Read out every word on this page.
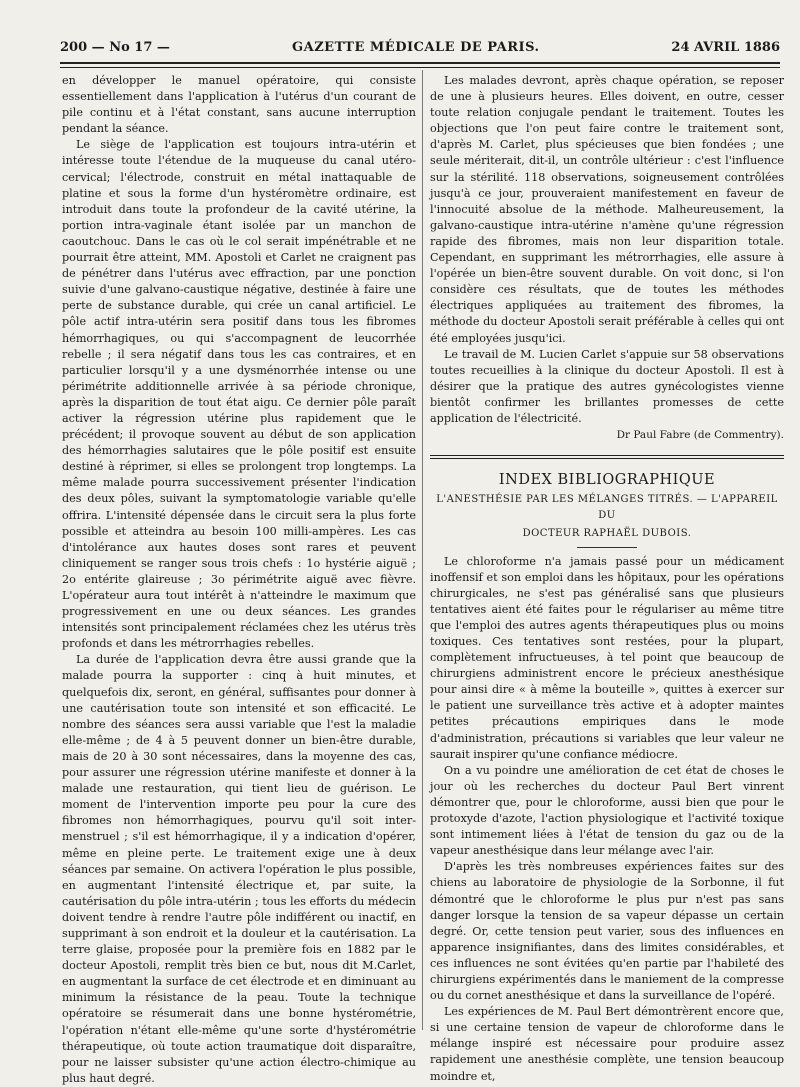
200 — No 17 —	GAZETTE MÉDICALE DE PARIS.	24 AVRIL 1886

en développer le manuel opératoire, qui consiste essentiellement dans l'application à l'utérus d'un courant de pile continu et à l'état constant, sans aucune interruption pendant la séance.

Le siège de l'application est toujours intra-utérin et intéresse toute l'étendue de la muqueuse du canal utéro-cervical; l'électrode, construit en métal inattaquable de platine et sous la forme d'un hystéromètre ordinaire, est introduit dans toute la profondeur de la cavité utérine, la portion intra-vaginale étant isolée par un manchon de caoutchouc. Dans le cas où le col serait impénétrable et ne pourrait être atteint, MM. Apostoli et Carlet ne craignent pas de pénétrer dans l'utérus avec effraction, par une ponction suivie d'une galvano-caustique négative, destinée à faire une perte de substance durable, qui crée un canal artificiel. Le pôle actif intra-utérin sera positif dans tous les fibromes hémorrhagiques, ou qui s'accompagnent de leucorrhée rebelle ; il sera négatif dans tous les cas contraires, et en particulier lorsqu'il y a une dysménorrhée intense ou une périmétrite additionnelle arrivée à sa période chronique, après la disparition de tout état aigu. Ce dernier pôle paraît activer la régression utérine plus rapidement que le précédent; il provoque souvent au début de son application des hémorrhagies salutaires que le pôle positif est ensuite destiné à réprimer, si elles se prolongent trop longtemps. La même malade pourra successivement présenter l'indication des deux pôles, suivant la symptomatologie variable qu'elle offrira. L'intensité dépensée dans le circuit sera la plus forte possible et atteindra au besoin 100 milli-ampères. Les cas d'intolérance aux hautes doses sont rares et peuvent cliniquement se ranger sous trois chefs : 1o hystérie aiguë ; 2o entérite glaireuse ; 3o périmétrite aiguë avec fièvre. L'opérateur aura tout intérêt à n'atteindre le maximum que progressivement en une ou deux séances. Les grandes intensités sont principalement réclamées chez les utérus très profonds et dans les métrorrhagies rebelles.

La durée de l'application devra être aussi grande que la malade pourra la supporter : cinq à huit minutes, et quelquefois dix, seront, en général, suffisantes pour donner à une cautérisation toute son intensité et son efficacité. Le nombre des séances sera aussi variable que l'est la maladie elle-même ; de 4 à 5 peuvent donner un bien-être durable, mais de 20 à 30 sont nécessaires, dans la moyenne des cas, pour assurer une régression utérine manifeste et donner à la malade une restauration, qui tient lieu de guérison. Le moment de l'intervention importe peu pour la cure des fibromes non hémorrhagiques, pourvu qu'il soit inter-menstruel ; s'il est hémorrhagique, il y a indication d'opérer, même en pleine perte. Le traitement exige une à deux séances par semaine. On activera l'opération le plus possible, en augmentant l'intensité électrique et, par suite, la cautérisation du pôle intra-utérin ; tous les efforts du médecin doivent tendre à rendre l'autre pôle indifférent ou inactif, en supprimant à son endroit et la douleur et la cautérisation. La terre glaise, proposée pour la première fois en 1882 par le docteur Apostoli, remplit très bien ce but, nous dit M.Carlet, en augmentant la surface de cet électrode et en diminuant au minimum la résistance de la peau. Toute la technique opératoire se résumerait dans une bonne hystérométrie, l'opération n'étant elle-même qu'une sorte d'hystérométrie thérapeutique, où toute action traumatique doit disparaître, pour ne laisser subsister qu'une action électro-chimique au plus haut degré.

Les malades devront, après chaque opération, se reposer de une à plusieurs heures. Elles doivent, en outre, cesser toute relation conjugale pendant le traitement. Toutes les objections que l'on peut faire contre le traitement sont, d'après M. Carlet, plus spécieuses que bien fondées ; une seule mériterait, dit-il, un contrôle ultérieur : c'est l'influence sur la stérilité. 118 observations, soigneusement contrôlées jusqu'à ce jour, prouveraient manifestement en faveur de l'innocuité absolue de la méthode. Malheureusement, la galvano-caustique intra-utérine n'amène qu'une régression rapide des fibromes, mais non leur disparition totale. Cependant, en supprimant les métrorrhagies, elle assure à l'opérée un bien-être souvent durable. On voit donc, si l'on considère ces résultats, que de toutes les méthodes électriques appliquées au traitement des fibromes, la méthode du docteur Apostoli serait préférable à celles qui ont été employées jusqu'ici.

Le travail de M. Lucien Carlet s'appuie sur 58 observations toutes recueillies à la clinique du docteur Apostoli. Il est à désirer que la pratique des autres gynécologistes vienne bientôt confirmer les brillantes promesses de cette application de l'électricité.

Dr Paul Fabre (de Commentry).

INDEX BIBLIOGRAPHIQUE
L'ANESTHÉSIE PAR LES MÉLANGES TITRÉS. — L'APPAREIL DU
DOCTEUR RAPHAËL DUBOIS.

Le chloroforme n'a jamais passé pour un médicament inoffensif et son emploi dans les hôpitaux, pour les opérations chirurgicales, ne s'est pas généralisé sans que plusieurs tentatives aient été faites pour le régulariser au même titre que l'emploi des autres agents thérapeutiques plus ou moins toxiques. Ces tentatives sont restées, pour la plupart, complètement infructueuses, à tel point que beaucoup de chirurgiens administrent encore le précieux anesthésique pour ainsi dire « à même la bouteille », quittes à exercer sur le patient une surveillance très active et à adopter maintes petites précautions empiriques dans le mode d'administration, précautions si variables que leur valeur ne saurait inspirer qu'une confiance médiocre.

On a vu poindre une amélioration de cet état de choses le jour où les recherches du docteur Paul Bert vinrent démontrer que, pour le chloroforme, aussi bien que pour le protoxyde d'azote, l'action physiologique et l'activité toxique sont intimement liées à l'état de tension du gaz ou de la vapeur anesthésique dans leur mélange avec l'air.

D'après les très nombreuses expériences faites sur des chiens au laboratoire de physiologie de la Sorbonne, il fut démontré que le chloroforme le plus pur n'est pas sans danger lorsque la tension de sa vapeur dépasse un certain degré. Or, cette tension peut varier, sous des influences en apparence insignifiantes, dans des limites considérables, et ces influences ne sont évitées qu'en partie par l'habileté des chirurgiens expérimentés dans le maniement de la compresse ou du cornet anesthésique et dans la surveillance de l'opéré.

Les expériences de M. Paul Bert démontrèrent encore que, si une certaine tension de vapeur de chloroforme dans le mélange inspiré est nécessaire pour produire assez rapidement une anesthésie complète, une tension beaucoup moindre et,
